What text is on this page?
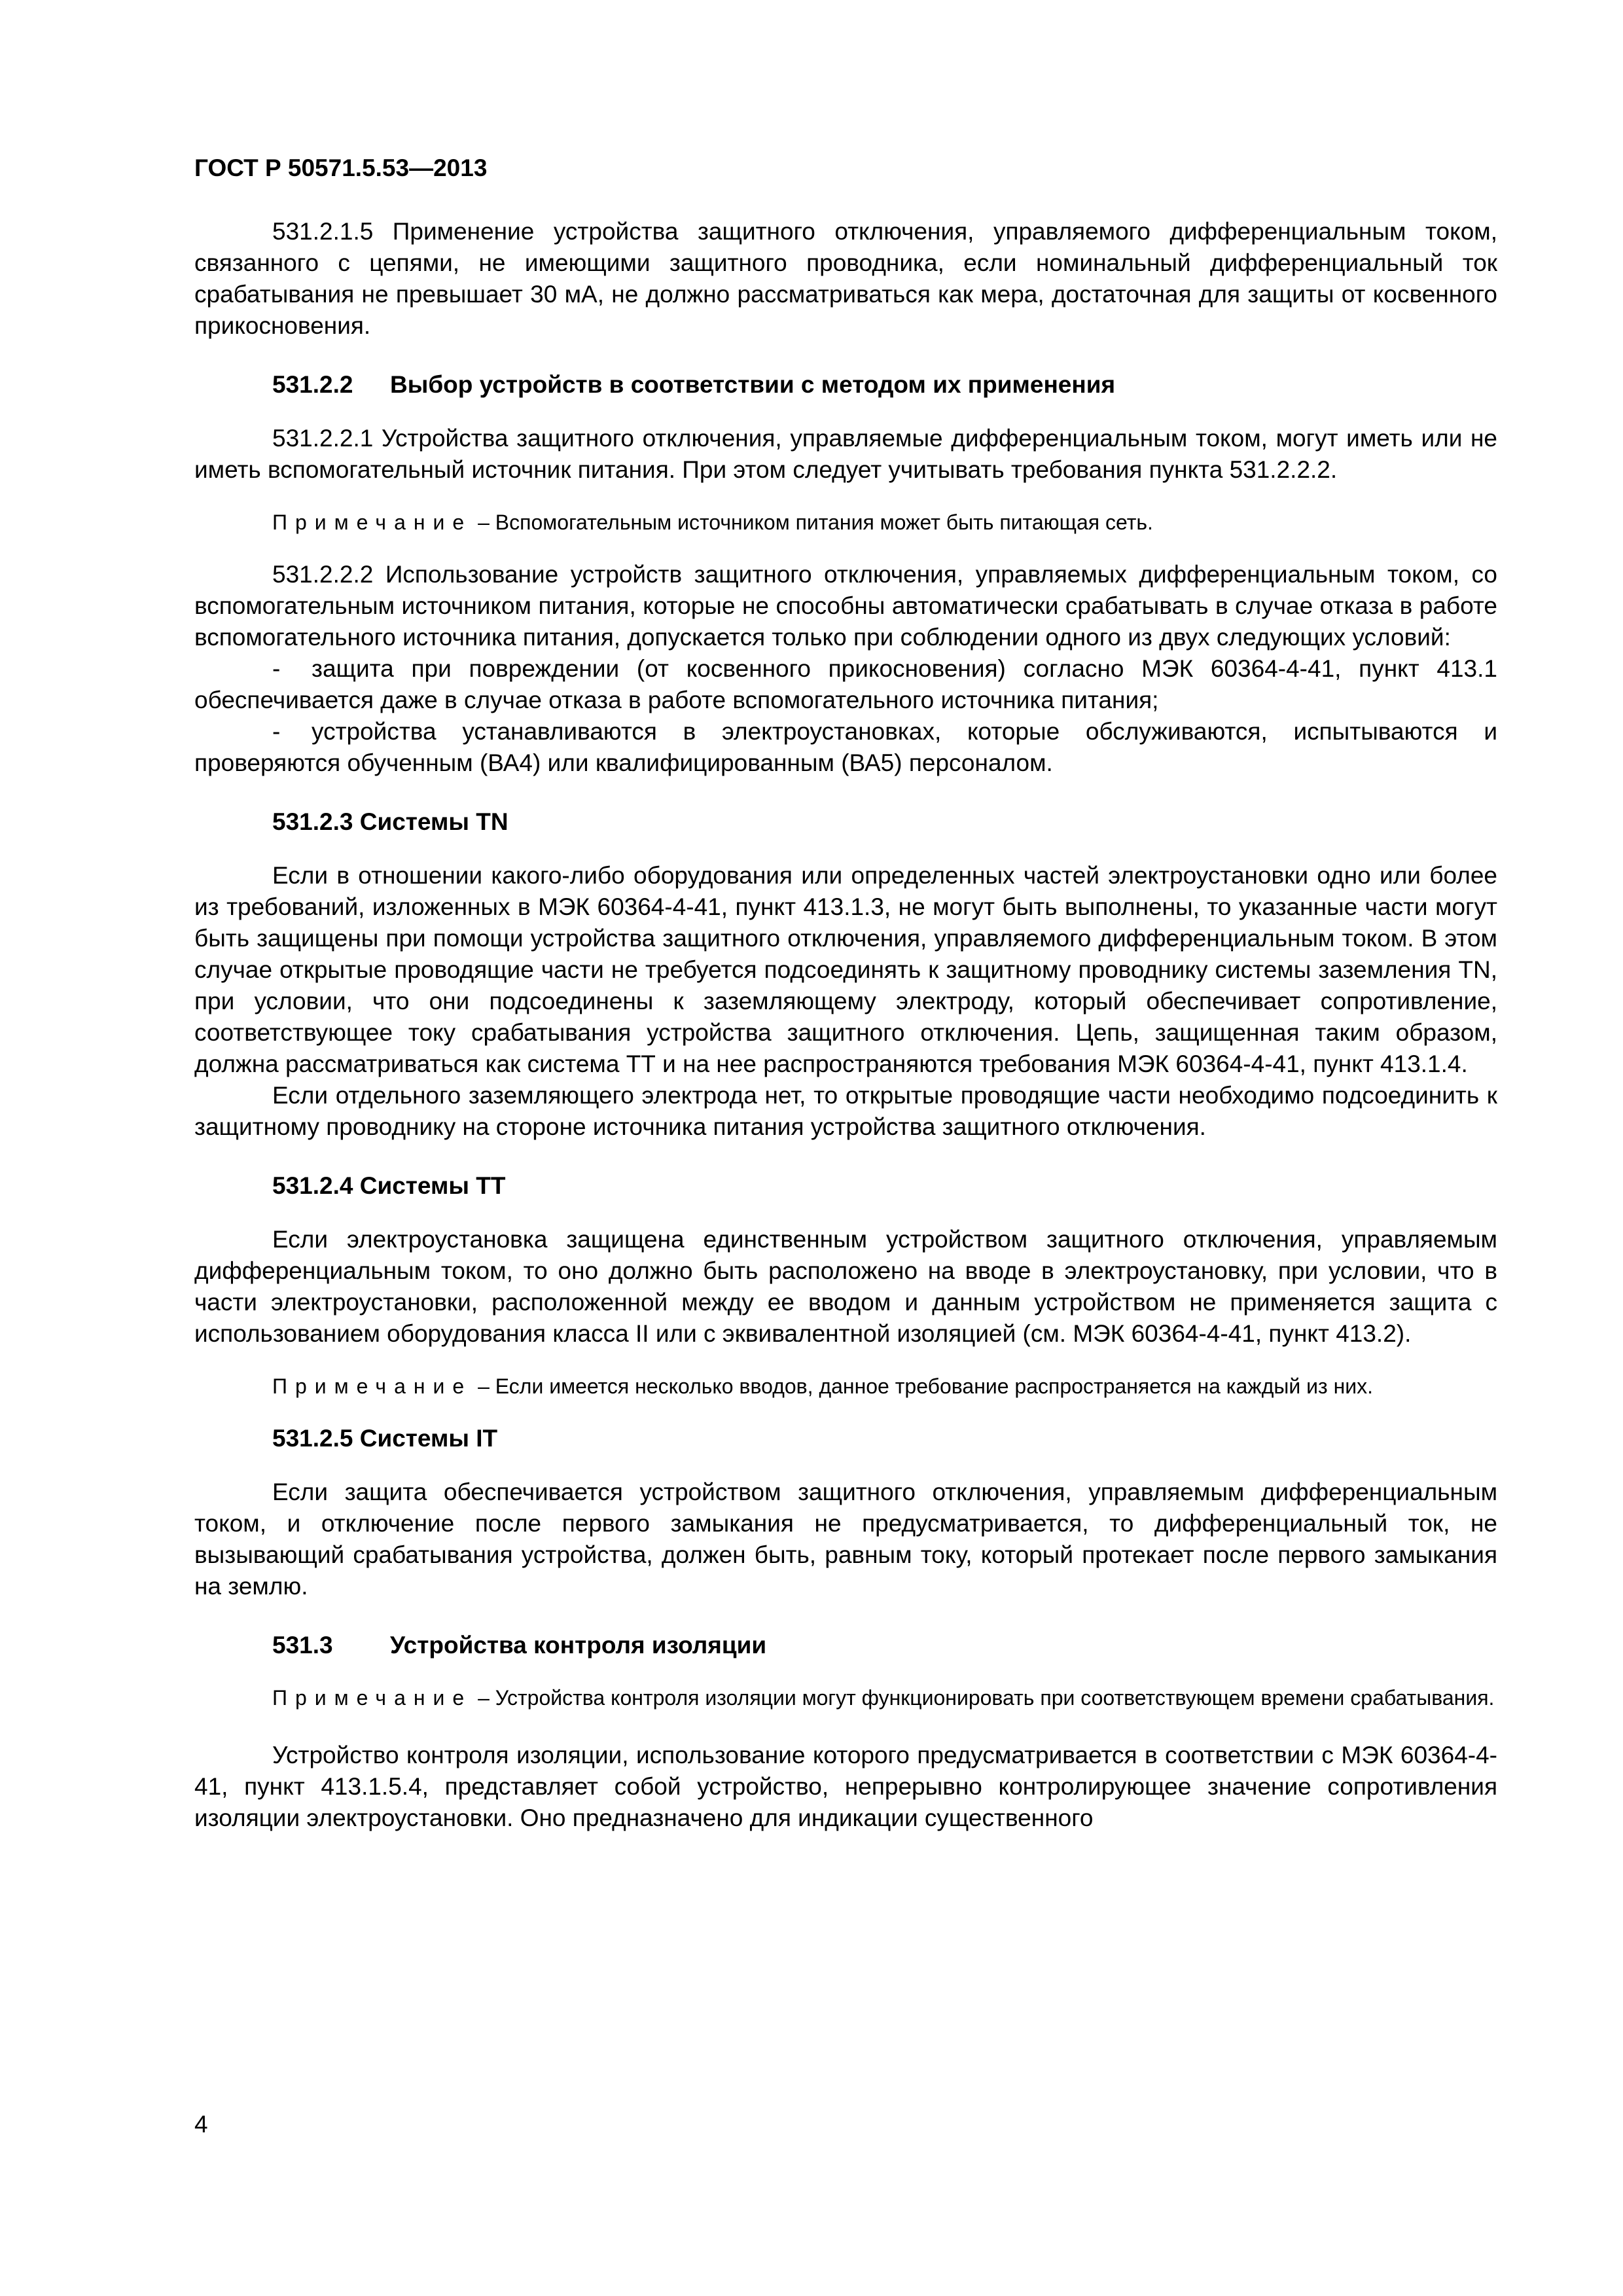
ГОСТ Р 50571.5.53—2013

531.2.1.5 Применение устройства защитного отключения, управляемого дифференциальным током, связанного с цепями, не имеющими защитного проводника, если номинальный дифференциальный ток срабатывания не превышает 30 мА, не должно рассматриваться как мера, достаточная для защиты от косвенного прикосновения.

531.2.2 Выбор устройств в соответствии с методом их применения

531.2.2.1 Устройства защитного отключения, управляемые дифференциальным током, могут иметь или не иметь вспомогательный источник питания. При этом следует учитывать требования пункта 531.2.2.2.

Примечание – Вспомогательным источником питания может быть питающая сеть.

531.2.2.2 Использование устройств защитного отключения, управляемых дифференциальным током, со вспомогательным источником питания, которые не способны автоматически срабатывать в случае отказа в работе вспомогательного источника питания, допускается только при соблюдении одного из двух следующих условий:

- защита при повреждении (от косвенного прикосновения) согласно МЭК 60364-4-41, пункт 413.1 обеспечивается даже в случае отказа в работе вспомогательного источника питания;

- устройства устанавливаются в электроустановках, которые обслуживаются, испытываются и проверяются обученным (ВА4) или квалифицированным (ВА5) персоналом.

531.2.3 Системы TN

Если в отношении какого-либо оборудования или определенных частей электроустановки одно или более из требований, изложенных в МЭК 60364-4-41, пункт 413.1.3, не могут быть выполнены, то указанные части могут быть защищены при помощи устройства защитного отключения, управляемого дифференциальным током. В этом случае открытые проводящие части не требуется подсоединять к защитному проводнику системы заземления TN, при условии, что они подсоединены к заземляющему электроду, который обеспечивает сопротивление, соответствующее току срабатывания устройства защитного отключения. Цепь, защищенная таким образом, должна рассматриваться как система ТТ и на нее распространяются требования МЭК 60364-4-41, пункт 413.1.4.

Если отдельного заземляющего электрода нет, то открытые проводящие части необходимо подсоединить к защитному проводнику на стороне источника питания устройства защитного отключения.

531.2.4 Системы ТТ

Если электроустановка защищена единственным устройством защитного отключения, управляемым дифференциальным током, то оно должно быть расположено на вводе в электроустановку, при условии, что в части электроустановки, расположенной между ее вводом и данным устройством не применяется защита с использованием оборудования класса II или с эквивалентной изоляцией (см. МЭК 60364-4-41, пункт 413.2).

Примечание – Если имеется несколько вводов, данное требование распространяется на каждый из них.

531.2.5 Системы IT

Если защита обеспечивается устройством защитного отключения, управляемым дифференциальным током, и отключение после первого замыкания не предусматривается, то дифференциальный ток, не вызывающий срабатывания устройства, должен быть, равным току, который протекает после первого замыкания на землю.

531.3 Устройства контроля изоляции

Примечание – Устройства контроля изоляции могут функционировать при соответствующем времени срабатывания.

Устройство контроля изоляции, использование которого предусматривается в соответствии с МЭК 60364-4-41, пункт 413.1.5.4, представляет собой устройство, непрерывно контролирующее значение сопротивления изоляции электроустановки. Оно предназначено для индикации существенного

4
